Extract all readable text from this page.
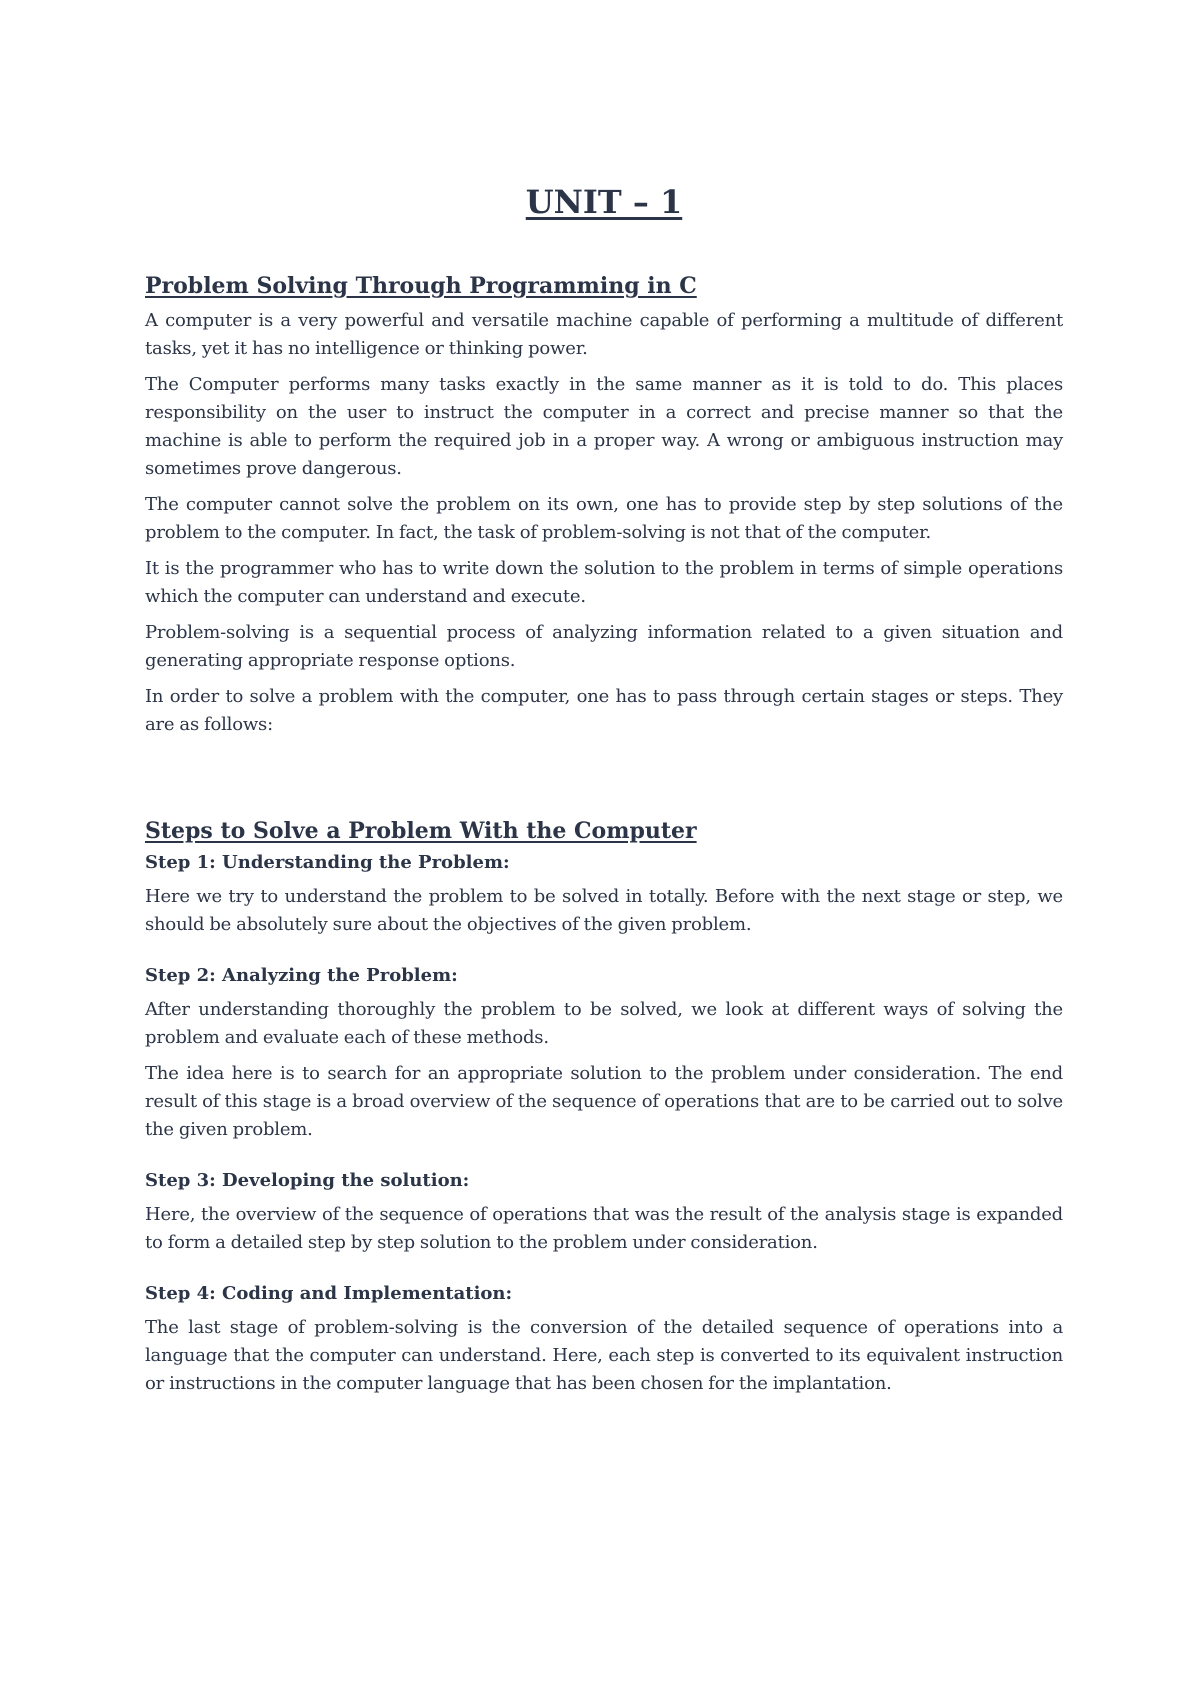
UNIT – 1
Problem Solving Through Programming in C

A computer is a very powerful and versatile machine capable of performing a multitude of different tasks, yet it has no intelligence or thinking power.

The Computer performs many tasks exactly in the same manner as it is told to do. This places responsibility on the user to instruct the computer in a correct and precise manner so that the machine is able to perform the required job in a proper way. A wrong or ambiguous instruction may sometimes prove dangerous.

The computer cannot solve the problem on its own, one has to provide step by step solutions of the problem to the computer. In fact, the task of problem-solving is not that of the computer.

It is the programmer who has to write down the solution to the problem in terms of simple operations which the computer can understand and execute.

Problem-solving is a sequential process of analyzing information related to a given situation and generating appropriate response options.

In order to solve a problem with the computer, one has to pass through certain stages or steps. They are as follows:

Steps to Solve a Problem With the Computer
Step 1: Understanding the Problem:

Here we try to understand the problem to be solved in totally. Before with the next stage or step, we should be absolutely sure about the objectives of the given problem.

Step 2: Analyzing the Problem:

After understanding thoroughly the problem to be solved, we look at different ways of solving the problem and evaluate each of these methods.

The idea here is to search for an appropriate solution to the problem under consideration. The end result of this stage is a broad overview of the sequence of operations that are to be carried out to solve the given problem.

Step 3: Developing the solution:

Here, the overview of the sequence of operations that was the result of the analysis stage is expanded to form a detailed step by step solution to the problem under consideration.

Step 4: Coding and Implementation:

The last stage of problem-solving is the conversion of the detailed sequence of operations into a language that the computer can understand. Here, each step is converted to its equivalent instruction or instructions in the computer language that has been chosen for the implantation.
